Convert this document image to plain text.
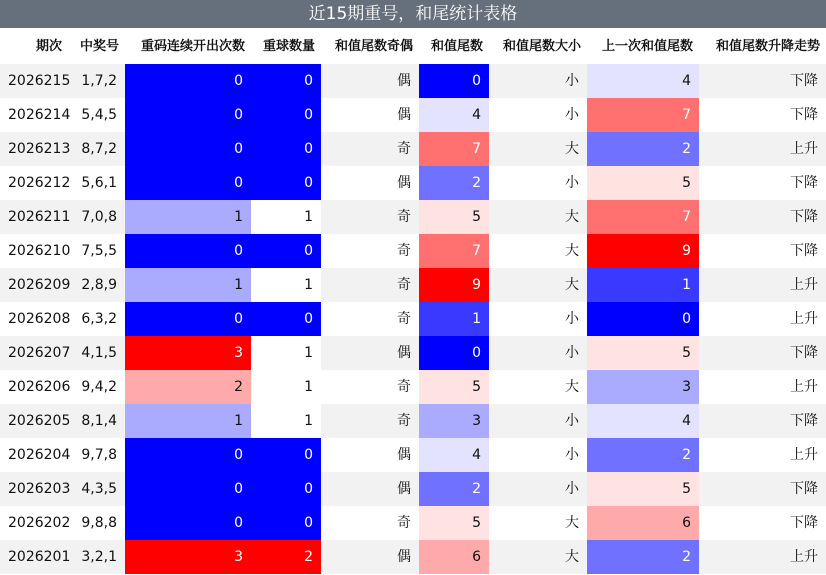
近15期重号，和尾统计表格
期次	中奖号	重码连续开出次数	重球数量	和值尾数奇偶	和值尾数	和值尾数大小	上一次和值尾数	和值尾数升降走势
2026215 1,7,2	0	0	偶	0	小	4	下降
2026214 5,4,5	0	0	偶	4	小	7	下降
2026213 8,7,2	0	0	奇	7	大	2	上升
2026212 5,6,1	0	0	偶	2	小	5	下降
2026211 7,0,8	1	1	奇	5	大	7	下降
2026210 7,5,5	0	0	奇	7	大	9	下降
2026209 2,8,9	1	1	奇	9	大	1	上升
2026208 6,3,2	0	0	奇	1	小	0	上升
2026207 4,1,5	3	1	偶	0	小	5	下降
2026206 9,4,2	2	1	奇	5	大	3	上升
2026205 8,1,4	1	1	奇	3	小	4	下降
2026204 9,7,8	0	0	偶	4	小	2	上升
2026203 4,3,5	0	0	偶	2	小	5	下降
2026202 9,8,8	0	0	奇	5	大	6	下降
2026201 3,2,1	3	2	偶	6	大	2	上升
